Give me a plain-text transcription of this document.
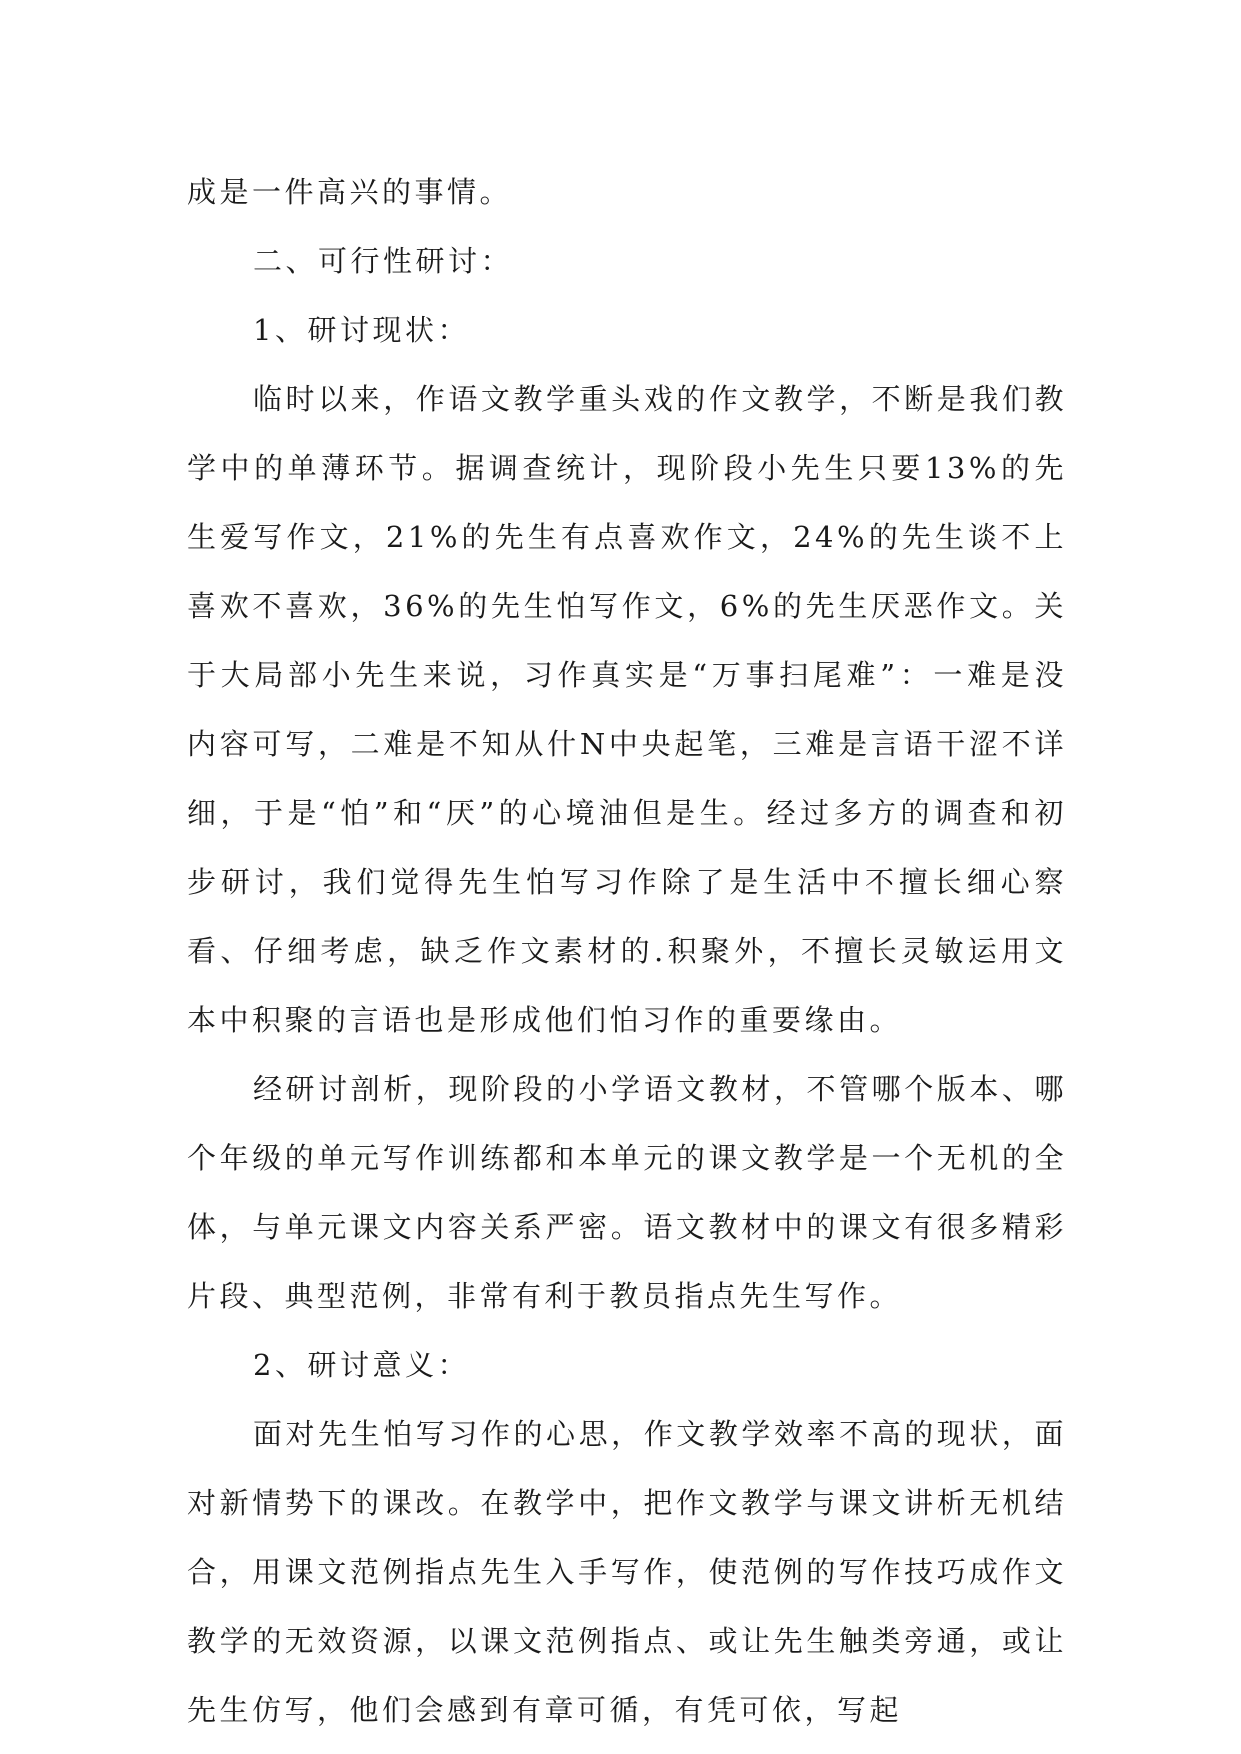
成是一件高兴的事情。

二、可行性研讨：

1、研讨现状：

临时以来，作语文教学重头戏的作文教学，不断是我们教学中的单薄环节。据调查统计，现阶段小先生只要13%的先生爱写作文，21%的先生有点喜欢作文，24%的先生谈不上喜欢不喜欢，36%的先生怕写作文，6%的先生厌恶作文。关于大局部小先生来说，习作真实是“万事扫尾难”：一难是没内容可写，二难是不知从什N中央起笔，三难是言语干涩不详细，于是“怕”和“厌”的心境油但是生。经过多方的调查和初步研讨，我们觉得先生怕写习作除了是生活中不擅长细心察看、仔细考虑，缺乏作文素材的.积聚外，不擅长灵敏运用文本中积聚的言语也是形成他们怕习作的重要缘由。

经研讨剖析，现阶段的小学语文教材，不管哪个版本、哪个年级的单元写作训练都和本单元的课文教学是一个无机的全体，与单元课文内容关系严密。语文教材中的课文有很多精彩片段、典型范例，非常有利于教员指点先生写作。

2、研讨意义：

面对先生怕写习作的心思，作文教学效率不高的现状，面对新情势下的课改。在教学中，把作文教学与课文讲析无机结合，用课文范例指点先生入手写作，使范例的写作技巧成作文教学的无效资源，以课文范例指点、或让先生触类旁通，或让先生仿写，他们会感到有章可循，有凭可依，写起
